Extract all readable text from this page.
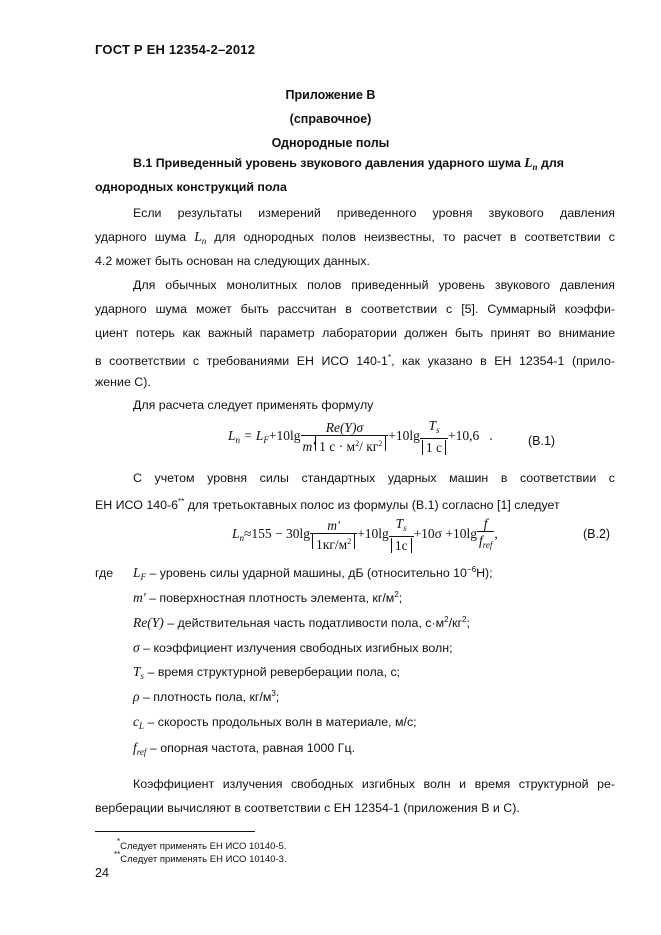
ГОСТ Р ЕН 12354-2–2012
Приложение В
(справочное)
Однородные полы
В.1 Приведенный уровень звукового давления ударного шума $L_n$ для
однородных конструкций пола
Если результаты измерений приведенного уровня звукового давления
ударного шума $L_n$ для однородных полов неизвестны, то расчет в соответствии с
4.2 может быть основан на следующих данных.
Для обычных монолитных полов приведенный уровень звукового давления
ударного шума может быть рассчитан в соответствии с [5]. Суммарный коэффи-
циент потерь как важный параметр лаборатории должен быть принят во внимание
в соответствии с требованиями ЕН ИСО 140-1*, как указано в ЕН 12354-1 (прило-
жение С).
Для расчета следует применять формулу
$L_n = L_F+10\lg \frac{Re(Y)\sigma}{m' 1 с \cdot м^2/ кг^2} +10\lg \frac{T_s}{1 с} +10,6$ .	(В.1)
С учетом уровня силы стандартных ударных машин в соответствии с
ЕН ИСО 140-6** для третьоктавных полос из формулы (В.1) согласно [1] следует
$L_n\approx 155 - 30\lg \frac{m'}{1кг/м^2} +10\lg \frac{T_s}{1с} +10\sigma +10\lg \frac{f}{f_{ref}}$ ,	(В.2)
где $L_F$ – уровень силы ударной машины, дБ (относительно $10^{-6}Н$);
m' – поверхностная плотность элемента, $кг/м^2$;
Re(Y) – действительная часть податливости пола, $с\cdot м^2/кг^2$;
σ – коэффициент излучения свободных изгибных волн;
$T_s$ – время структурной реверберации пола, с;
ρ – плотность пола, $кг/м^3$;
$c_L$ – скорость продольных волн в материале, м/с;
$f_{ref}$ – опорная частота, равная 1000 Гц.
Коэффициент излучения свободных изгибных волн и время структурной ре-
верберации вычисляют в соответствии с ЕН 12354-1 (приложения В и С).
*Следует применять ЕН ИСО 10140-5.
**Следует применять ЕН ИСО 10140-3.
24
